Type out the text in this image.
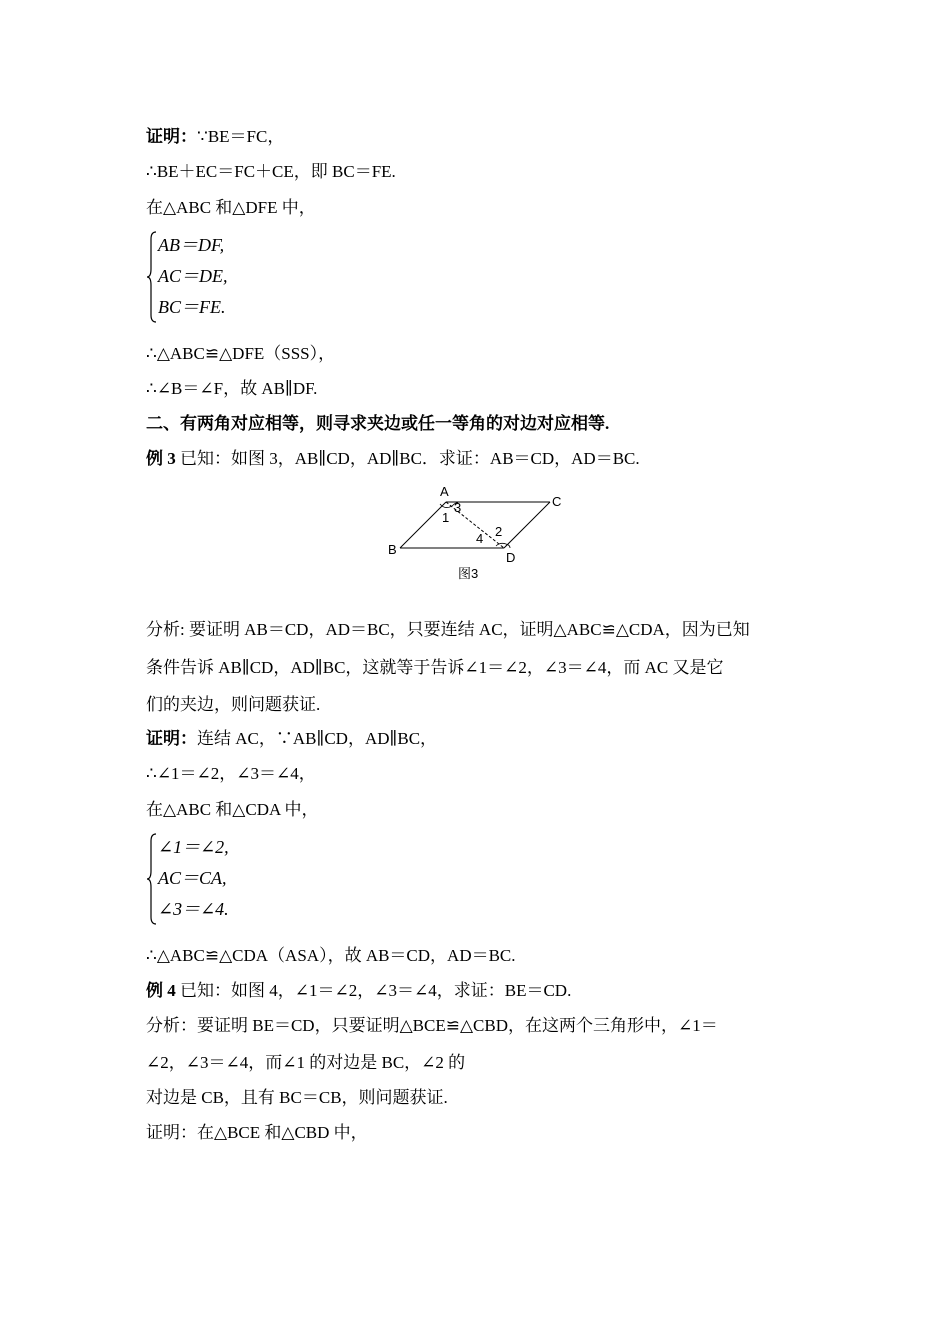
证明：∵BE＝FC，
∴BE＋EC＝FC＋CE，即 BC＝FE.
在△ABC 和△DFE 中，
AB＝DF,
AC＝DE,
BC＝FE.
∴△ABC≌△DFE（SSS），
∴∠B＝∠F，故 AB∥DF.
二、有两角对应相等，则寻求夹边或任一等角的对边对应相等.
例 3 已知：如图 3，AB∥CD，AD∥BC．求证：AB＝CD，AD＝BC.
A
B
C
D
1
3
2
4
图3
分析: 要证明 AB＝CD，AD＝BC，只要连结 AC，证明△ABC≌△CDA，因为已知
条件告诉 AB∥CD，AD∥BC，这就等于告诉∠1＝∠2，∠3＝∠4，而 AC 又是它
们的夹边，则问题获证.
证明：连结 AC，∵AB∥CD，AD∥BC，
∴∠1＝∠2，∠3＝∠4，
在△ABC 和△CDA 中，
∠1＝∠2,
AC＝CA,
∠3＝∠4.
∴△ABC≌△CDA（ASA），故 AB＝CD，AD＝BC.
例 4 已知：如图 4，∠1＝∠2，∠3＝∠4，求证：BE＝CD.
分析：要证明 BE＝CD，只要证明△BCE≌△CBD，在这两个三角形中，∠1＝
∠2，∠3＝∠4，而∠1 的对边是 BC，∠2 的
对边是 CB，且有 BC＝CB，则问题获证.
证明：在△BCE 和△CBD 中，
